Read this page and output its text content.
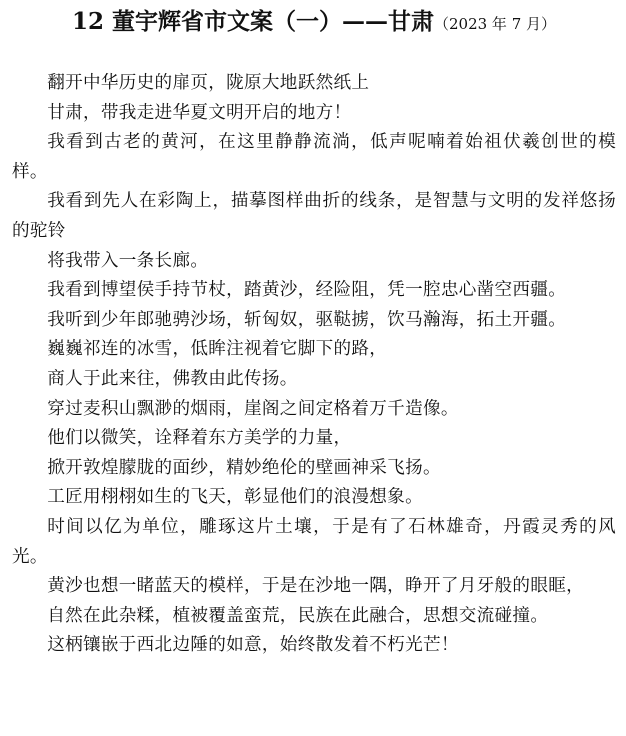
12 董宇辉省市文案（一）——甘肃（2023 年 7 月）

翻开中华历史的扉页，陇原大地跃然纸上

甘肃，带我走进华夏文明开启的地方！

我看到古老的黄河，在这里静静流淌，低声呢喃着始祖伏羲创世的模样。

我看到先人在彩陶上，描摹图样曲折的线条，是智慧与文明的发祥悠扬的驼铃

将我带入一条长廊。

我看到博望侯手持节杖，踏黄沙，经险阻，凭一腔忠心凿空西疆。

我听到少年郎驰骋沙场，斩匈奴，驱鞑掳，饮马瀚海，拓土开疆。

巍巍祁连的冰雪，低眸注视着它脚下的路，

商人于此来往，佛教由此传扬。

穿过麦积山飘渺的烟雨，崖阁之间定格着万千造像。

他们以微笑，诠释着东方美学的力量，

掀开敦煌朦胧的面纱，精妙绝伦的壁画神采飞扬。

工匠用栩栩如生的飞天，彰显他们的浪漫想象。

时间以亿为单位，雕琢这片土壤，于是有了石林雄奇，丹霞灵秀的风光。

黄沙也想一睹蓝天的模样，于是在沙地一隅，睁开了月牙般的眼眶，

自然在此杂糅，植被覆盖蛮荒，民族在此融合，思想交流碰撞。

这柄镶嵌于西北边陲的如意，始终散发着不朽光芒！
